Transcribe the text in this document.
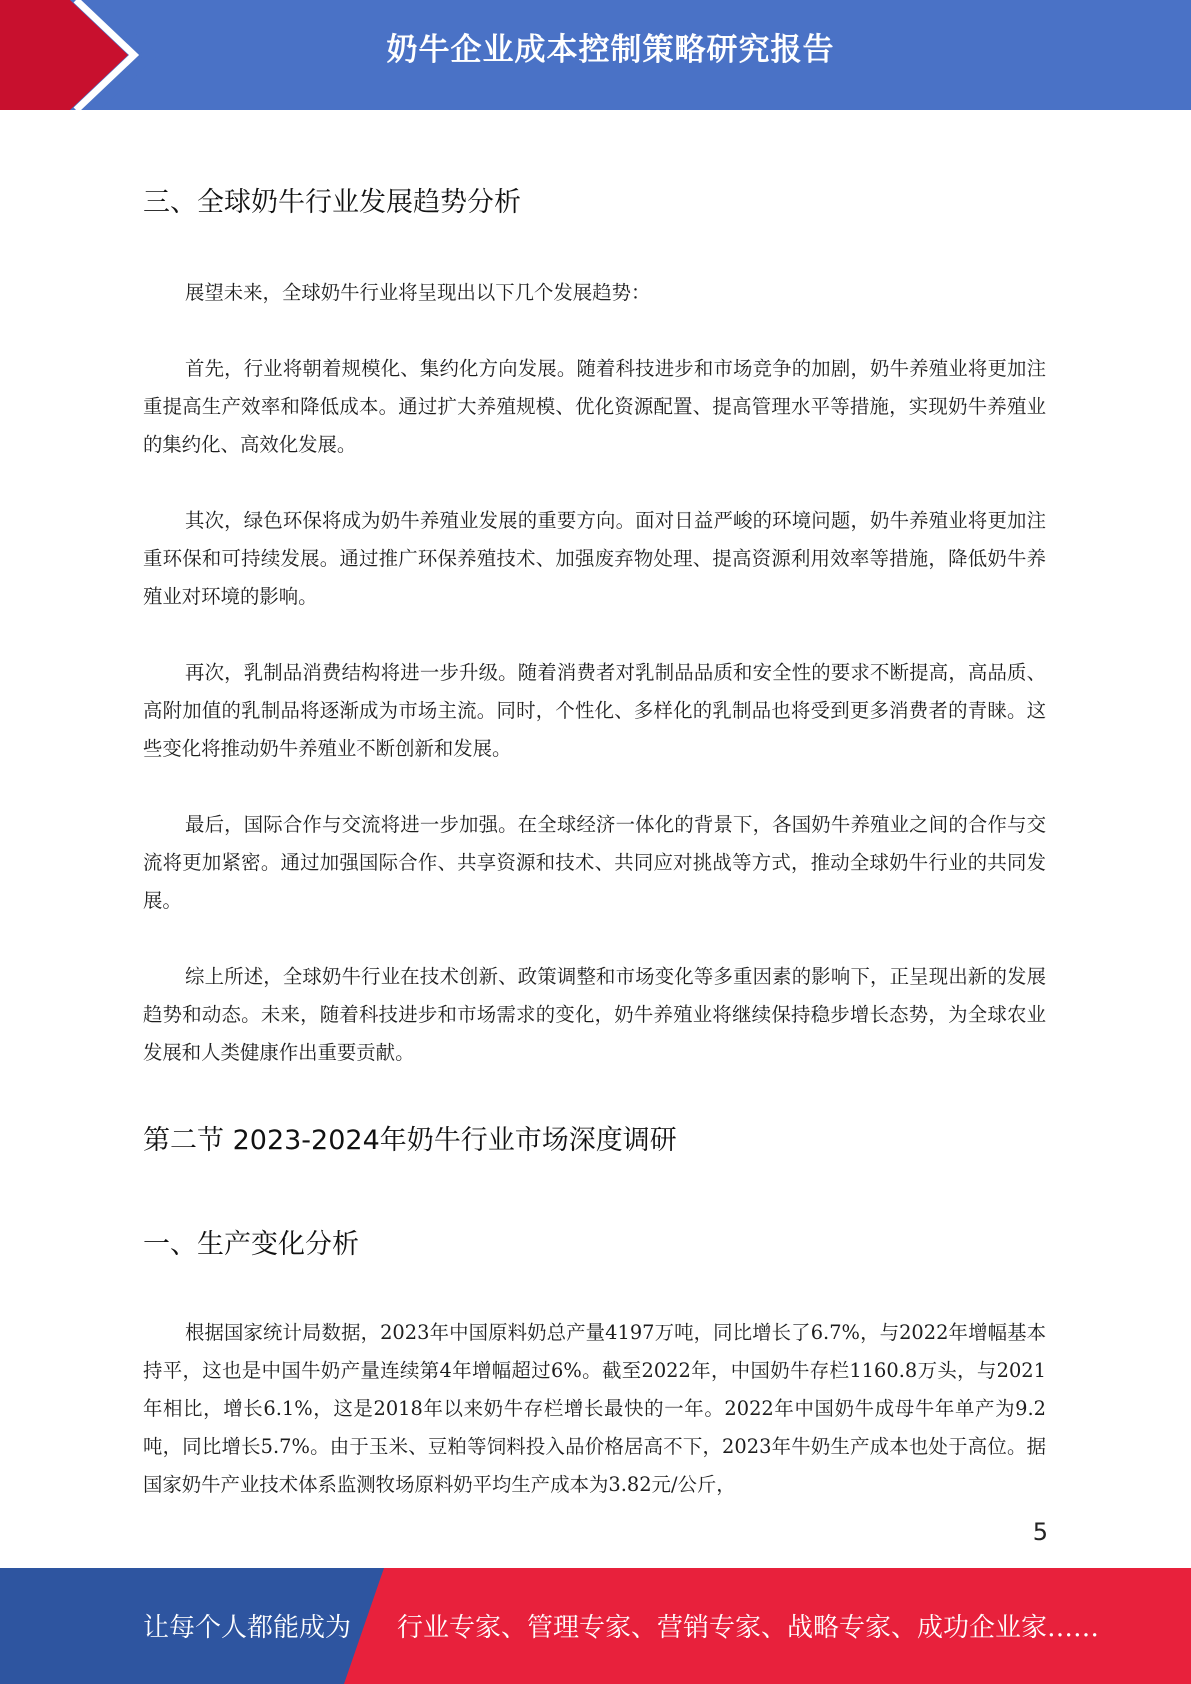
奶牛企业成本控制策略研究报告
三、全球奶牛行业发展趋势分析

展望未来，全球奶牛行业将呈现出以下几个发展趋势：

首先，行业将朝着规模化、集约化方向发展。随着科技进步和市场竞争的加剧，奶牛养殖业将更加注重提高生产效率和降低成本。通过扩大养殖规模、优化资源配置、提高管理水平等措施，实现奶牛养殖业的集约化、高效化发展。

其次，绿色环保将成为奶牛养殖业发展的重要方向。面对日益严峻的环境问题，奶牛养殖业将更加注重环保和可持续发展。通过推广环保养殖技术、加强废弃物处理、提高资源利用效率等措施，降低奶牛养殖业对环境的影响。

再次，乳制品消费结构将进一步升级。随着消费者对乳制品品质和安全性的要求不断提高，高品质、高附加值的乳制品将逐渐成为市场主流。同时，个性化、多样化的乳制品也将受到更多消费者的青睐。这些变化将推动奶牛养殖业不断创新和发展。

最后，国际合作与交流将进一步加强。在全球经济一体化的背景下，各国奶牛养殖业之间的合作与交流将更加紧密。通过加强国际合作、共享资源和技术、共同应对挑战等方式，推动全球奶牛行业的共同发展。

综上所述，全球奶牛行业在技术创新、政策调整和市场变化等多重因素的影响下，正呈现出新的发展趋势和动态。未来，随着科技进步和市场需求的变化，奶牛养殖业将继续保持稳步增长态势，为全球农业发展和人类健康作出重要贡献。

第二节 2023-2024年奶牛行业市场深度调研
一、生产变化分析

根据国家统计局数据，2023年中国原料奶总产量4197万吨，同比增长了6.7%，与2022年增幅基本持平，这也是中国牛奶产量连续第4年增幅超过6%。截至2022年，中国奶牛存栏1160.8万头，与2021年相比，增长6.1%，这是2018年以来奶牛存栏增长最快的一年。2022年中国奶牛成母牛年单产为9.2吨，同比增长5.7%。由于玉米、豆粕等饲料投入品价格居高不下，2023年牛奶生产成本也处于高位。据国家奶牛产业技术体系监测牧场原料奶平均生产成本为3.82元/公斤，

5
让每个人都能成为 行业专家、管理专家、营销专家、战略专家、成功企业家……
